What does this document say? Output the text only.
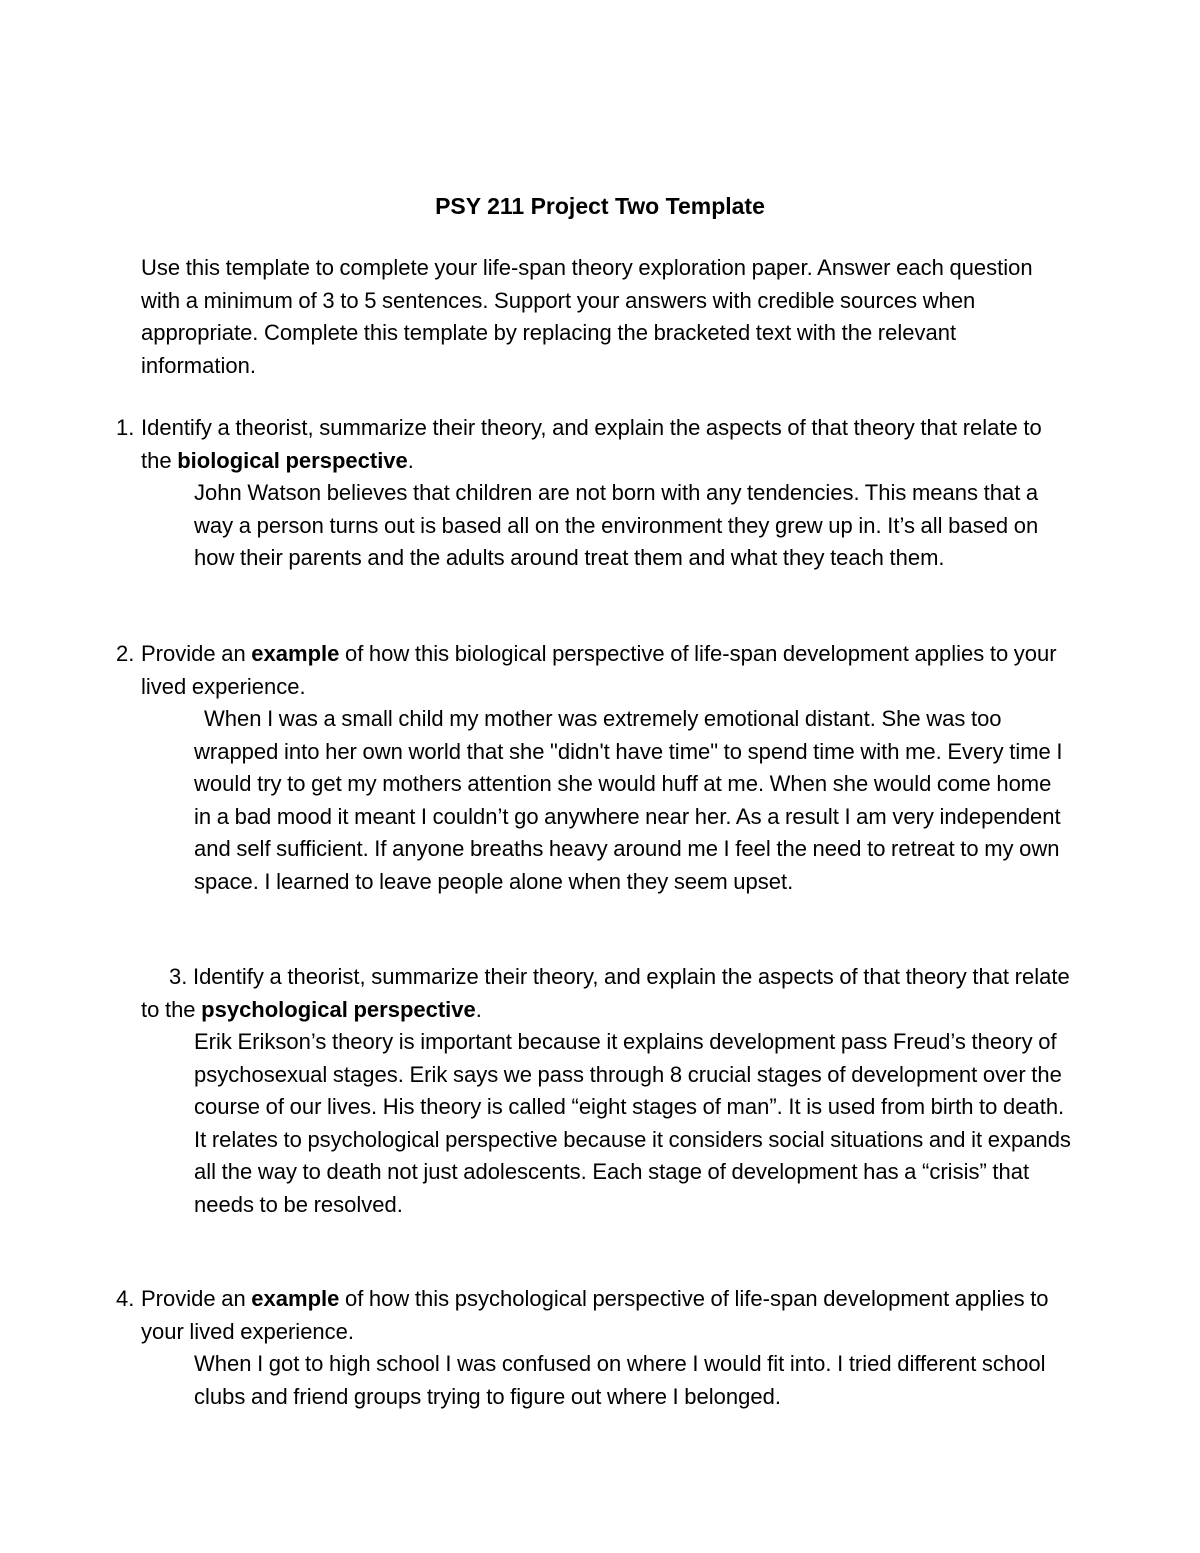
PSY 211 Project Two Template
Use this template to complete your life-span theory exploration paper. Answer each question with a minimum of 3 to 5 sentences. Support your answers with credible sources when appropriate. Complete this template by replacing the bracketed text with the relevant information.
1. Identify a theorist, summarize their theory, and explain the aspects of that theory that relate to the biological perspective.
John Watson believes that children are not born with any tendencies. This means that a way a person turns out is based all on the environment they grew up in. It’s all based on how their parents and the adults around treat them and what they teach them.
2. Provide an example of how this biological perspective of life-span development applies to your lived experience.
When I was a small child my mother was extremely emotional distant. She was too wrapped into her own world that she "didn't have time" to spend time with me. Every time I would try to get my mothers attention she would huff at me. When she would come home in a bad mood it meant I couldn’t go anywhere near her. As a result I am very independent and self sufficient. If anyone breaths heavy around me I feel the need to retreat to my own space. I learned to leave people alone when they seem upset.
3. Identify a theorist, summarize their theory, and explain the aspects of that theory that relate to the psychological perspective.
Erik Erikson’s theory is important because it explains development pass Freud’s theory of psychosexual stages. Erik says we pass through 8 crucial stages of development over the course of our lives. His theory is called “eight stages of man”. It is used from birth to death. It relates to psychological perspective because it considers social situations and it expands all the way to death not just adolescents. Each stage of development has a “crisis” that needs to be resolved.
4. Provide an example of how this psychological perspective of life-span development applies to your lived experience.
When I got to high school I was confused on where I would fit into. I tried different school clubs and friend groups trying to figure out where I belonged.
